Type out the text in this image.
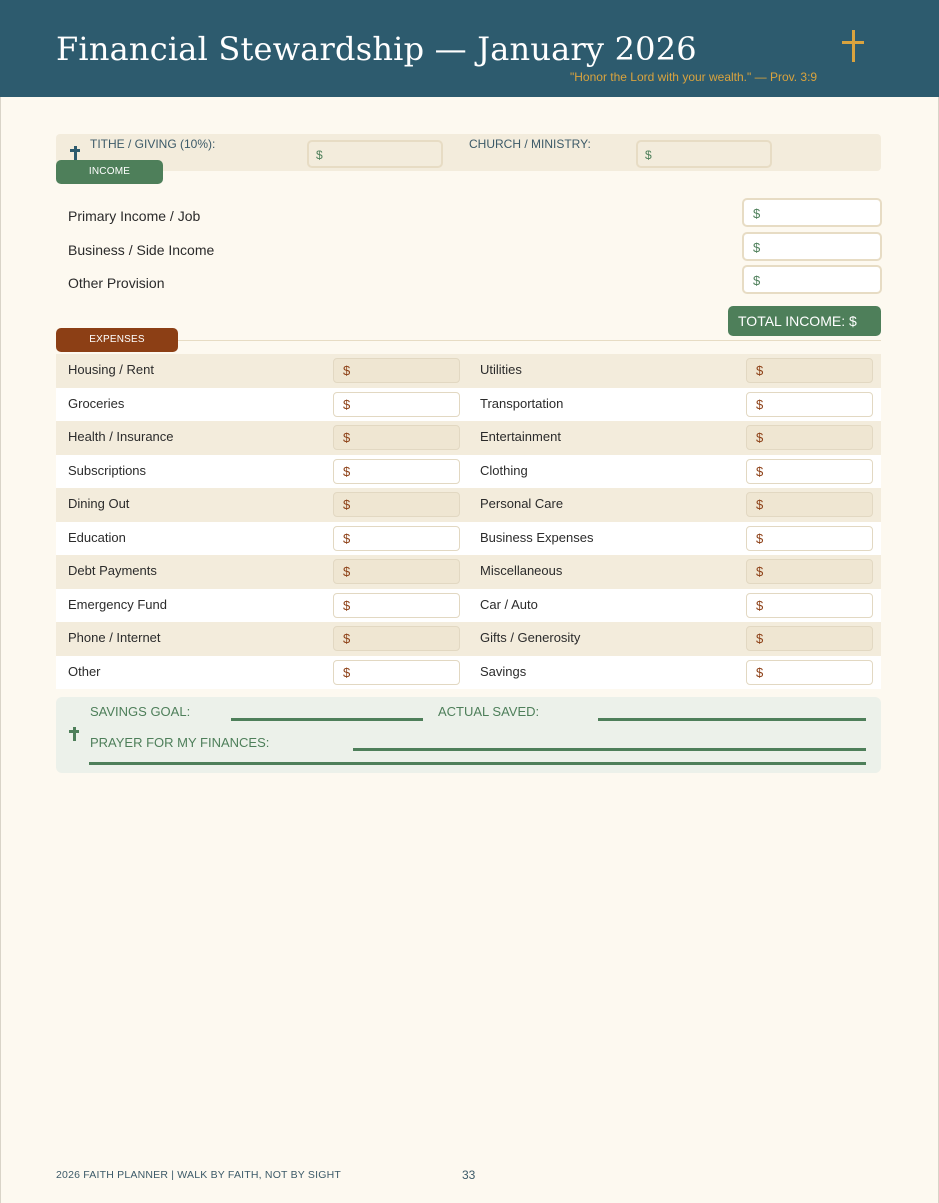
Financial Stewardship — January 2026
"Honor the Lord with your wealth." — Prov. 3:9
TITHE / GIVING (10%):
$
CHURCH / MINISTRY:
$
INCOME
Primary Income / Job	$
Business / Side Income	$
Other Provision	$
TOTAL INCOME: $
EXPENSES
Housing / Rent	$	Utilities	$
Groceries	$	Transportation	$
Health / Insurance	$	Entertainment	$
Subscriptions	$	Clothing	$
Dining Out	$	Personal Care	$
Education	$	Business Expenses	$
Debt Payments	$	Miscellaneous	$
Emergency Fund	$	Car / Auto	$
Phone / Internet	$	Gifts / Generosity	$
Other	$	Savings	$
SAVINGS GOAL:	ACTUAL SAVED:
PRAYER FOR MY FINANCES:
2026 FAITH PLANNER | WALK BY FAITH, NOT BY SIGHT	33
